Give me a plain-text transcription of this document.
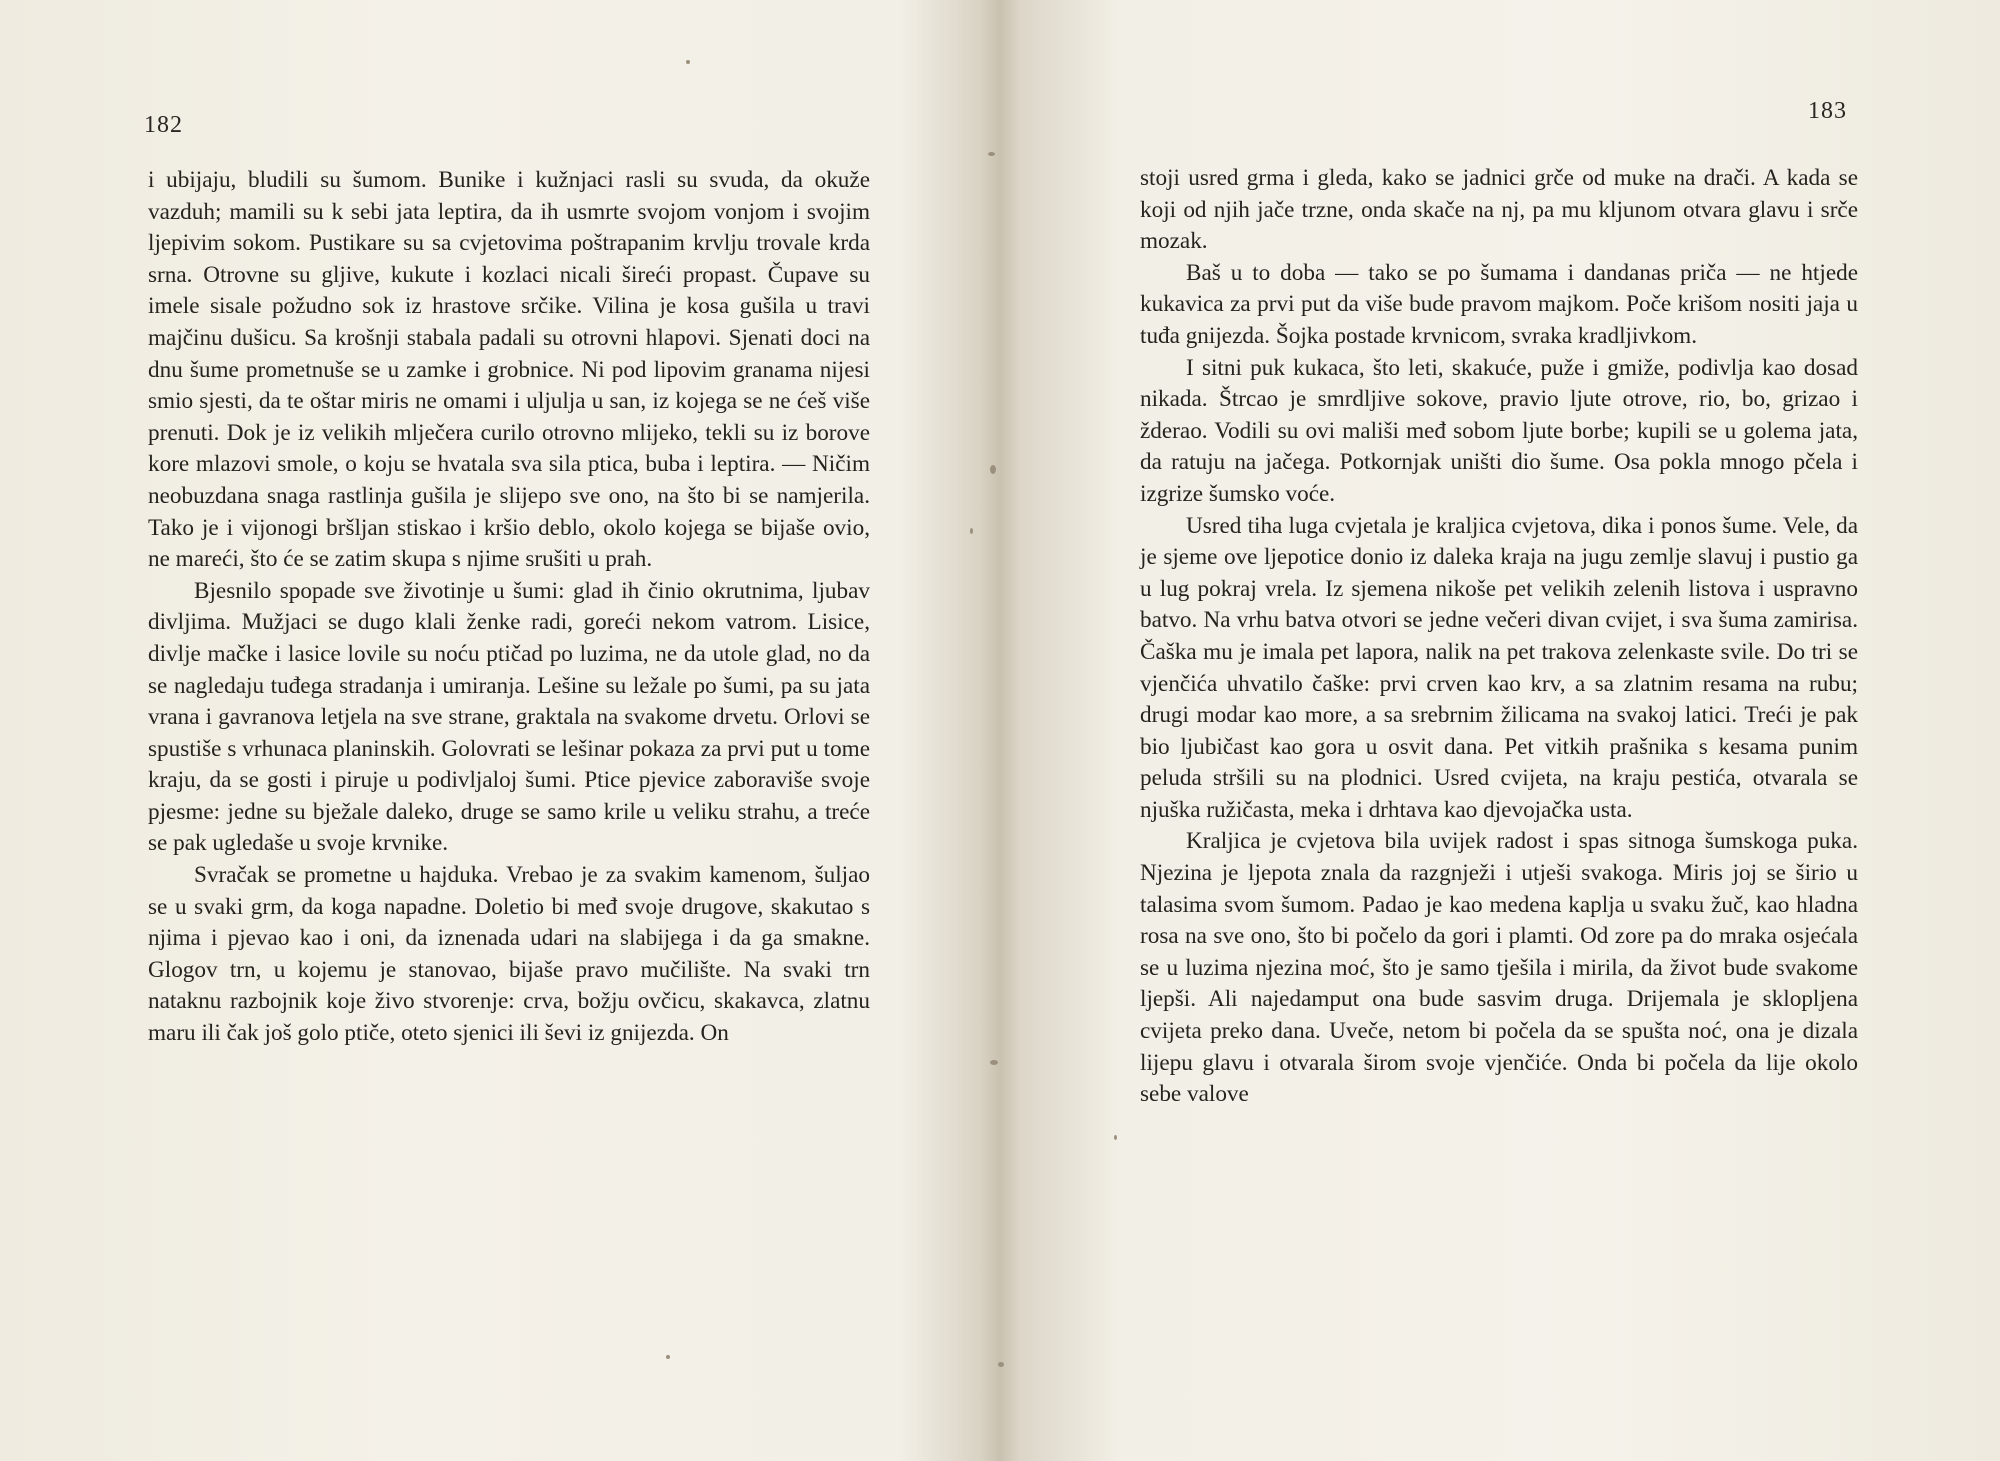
182

i ubijaju, bludili su šumom. Bunike i kužnjaci rasli su svuda, da okuže vazduh; mamili su k sebi jata leptira, da ih usmrte svojom vonjom i svojim ljepivim sokom. Pustikare su sa cvjetovima poštrapanim krvlju trovale krda srna. Otrovne su gljive, kukute i kozlaci nicali šireći propast. Čupave su imele sisale požudno sok iz hrastove srčike. Vilina je kosa gušila u travi majčinu dušicu. Sa krošnji stabala padali su otrovni hlapovi. Sjenati doci na dnu šume prometnuše se u zamke i grobnice. Ni pod lipovim granama nijesi smio sjesti, da te oštar miris ne omami i uljulja u san, iz kojega se ne ćeš više prenuti. Dok je iz velikih mlječera curilo otrovno mlijeko, tekli su iz borove kore mlazovi smole, o koju se hvatala sva sila ptica, buba i leptira. — Ničim neobuzdana snaga rastlinja gušila je slijepo sve ono, na što bi se namjerila. Tako je i vijonogi bršljan stiskao i kršio deblo, okolo kojega se bijaše ovio, ne mareći, što će se zatim skupa s njime srušiti u prah.

Bjesnilo spopade sve životinje u šumi: glad ih činio okrutnima, ljubav divljima. Mužjaci se dugo klali ženke radi, goreći nekom vatrom. Lisice, divlje mačke i lasice lovile su noću ptičad po luzima, ne da utole glad, no da se nagledaju tuđega stradanja i umiranja. Lešine su ležale po šumi, pa su jata vrana i gavranova letjela na sve strane, graktala na svakome drvetu. Orlovi se spustiše s vrhunaca planinskih. Golovrati se lešinar pokaza za prvi put u tome kraju, da se gosti i piruje u podivljaloj šumi. Ptice pjevice zaboraviše svoje pjesme: jedne su bježale daleko, druge se samo krile u veliku strahu, a treće se pak ugledaše u svoje krvnike.

Svračak se prometne u hajduka. Vrebao je za svakim kamenom, šuljao se u svaki grm, da koga napadne. Doletio bi međ svoje drugove, skakutao s njima i pjevao kao i oni, da iznenada udari na slabijega i da ga smakne. Glogov trn, u kojemu je stanovao, bijaše pravo mučilište. Na svaki trn nataknu razbojnik koje živo stvorenje: crva, božju ovčicu, skakavca, zlatnu maru ili čak još golo ptiče, oteto sjenici ili ševi iz gnijezda. On

183

stoji usred grma i gleda, kako se jadnici grče od muke na drači. A kada se koji od njih jače trzne, onda skače na nj, pa mu kljunom otvara glavu i srče mozak.

Baš u to doba — tako se po šumama i dandanas priča — ne htjede kukavica za prvi put da više bude pravom majkom. Poče krišom nositi jaja u tuđa gnijezda. Šojka postade krvnicom, svraka kradljivkom.

I sitni puk kukaca, što leti, skakuće, puže i gmiže, podivlja kao dosad nikada. Štrcao je smrdljive sokove, pravio ljute otrove, rio, bo, grizao i žderao. Vodili su ovi mališi međ sobom ljute borbe; kupili se u golema jata, da ratuju na jačega. Potkornjak uništi dio šume. Osa pokla mnogo pčela i izgrize šumsko voće.

Usred tiha luga cvjetala je kraljica cvjetova, dika i ponos šume. Vele, da je sjeme ove ljepotice donio iz daleka kraja na jugu zemlje slavuj i pustio ga u lug pokraj vrela. Iz sjemena nikoše pet velikih zelenih listova i uspravno batvo. Na vrhu batva otvori se jedne večeri divan cvijet, i sva šuma zamirisa. Čaška mu je imala pet lapora, nalik na pet trakova zelenkaste svile. Do tri se vjenčića uhvatilo čaške: prvi crven kao krv, a sa zlatnim resama na rubu; drugi modar kao more, a sa srebrnim žilicama na svakoj latici. Treći je pak bio ljubičast kao gora u osvit dana. Pet vitkih prašnika s kesama punim peluda stršili su na plodnici. Usred cvijeta, na kraju pestića, otvarala se njuška ružičasta, meka i drhtava kao djevojačka usta.

Kraljica je cvjetova bila uvijek radost i spas sitnoga šumskoga puka. Njezina je ljepota znala da razgnježi i utješi svakoga. Miris joj se širio u talasima svom šumom. Padao je kao medena kaplja u svaku žuč, kao hladna rosa na sve ono, što bi počelo da gori i plamti. Od zore pa do mraka osjećala se u luzima njezina moć, što je samo tješila i mirila, da život bude svakome ljepši. Ali najedamput ona bude sasvim druga. Drijemala je sklopljena cvijeta preko dana. Uveče, netom bi počela da se spušta noć, ona je dizala lijepu glavu i otvarala širom svoje vjenčiće. Onda bi počela da lije okolo sebe valove
